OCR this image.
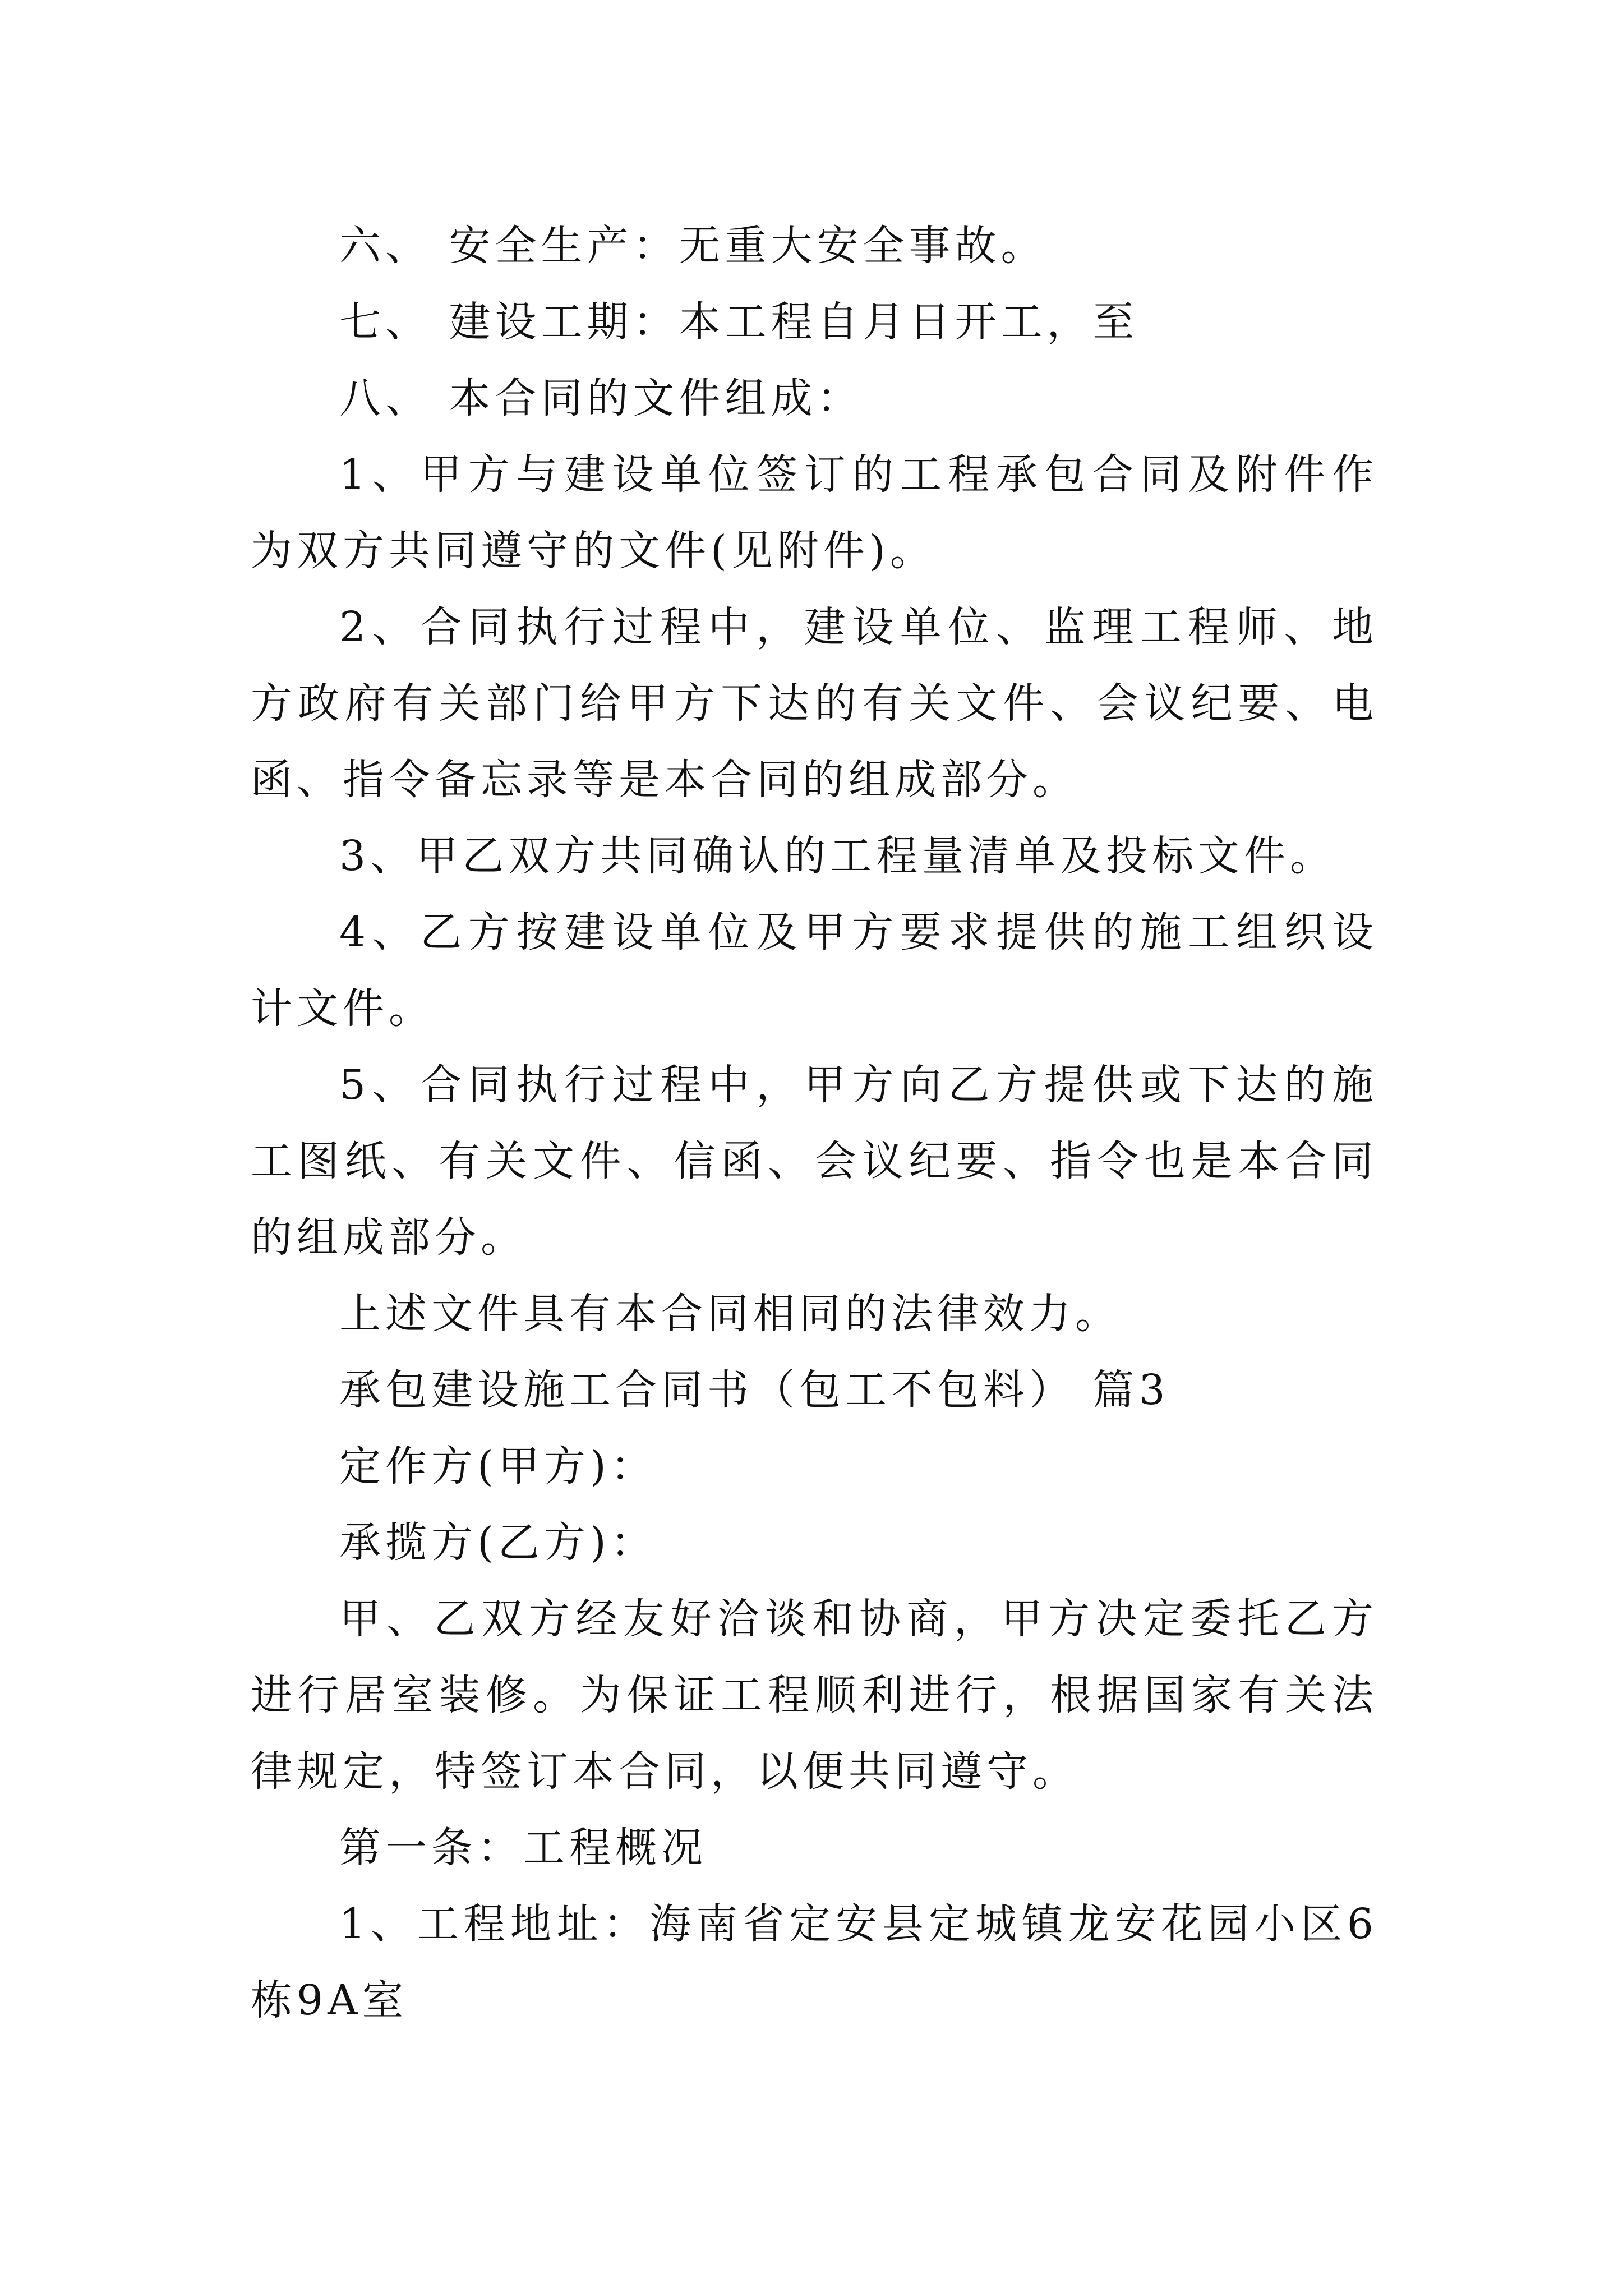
六、 安全生产：无重大安全事故。

七、 建设工期：本工程自月日开工，至

八、 本合同的文件组成：

1、甲方与建设单位签订的工程承包合同及附件作为双方共同遵守的文件(见附件)。

2、合同执行过程中，建设单位、监理工程师、地方政府有关部门给甲方下达的有关文件、会议纪要、电函、指令备忘录等是本合同的组成部分。

3、甲乙双方共同确认的工程量清单及投标文件。

4、乙方按建设单位及甲方要求提供的施工组织设计文件。

5、合同执行过程中，甲方向乙方提供或下达的施工图纸、有关文件、信函、会议纪要、指令也是本合同的组成部分。

上述文件具有本合同相同的法律效力。

承包建设施工合同书（包工不包料） 篇3

定作方(甲方)：

承揽方(乙方)：

甲、乙双方经友好洽谈和协商，甲方决定委托乙方进行居室装修。为保证工程顺利进行，根据国家有关法律规定，特签订本合同，以便共同遵守。

第一条：工程概况

1、工程地址：海南省定安县定城镇龙安花园小区6栋9A室
